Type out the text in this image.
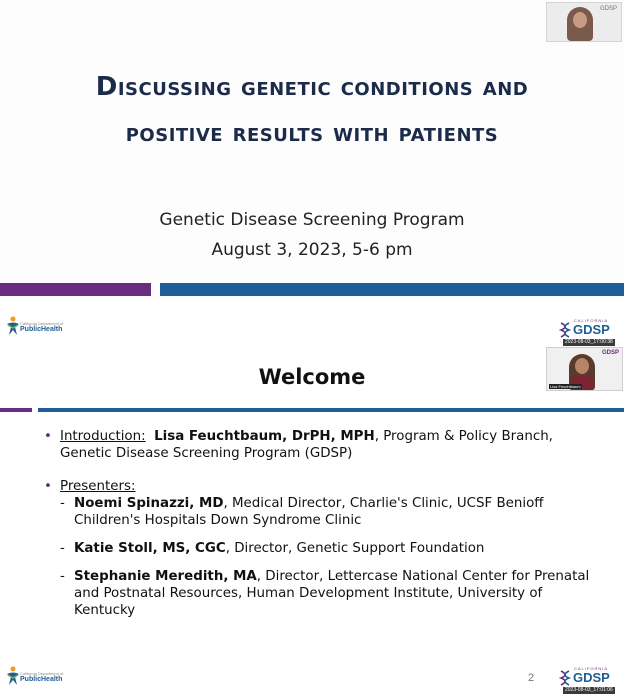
GDSP
Discussing genetic conditions and
positive results with patients
Genetic Disease Screening Program
August 3, 2023, 5-6 pm
California Department of
PublicHealth
CALIFORNIA
GDSP
2023-08-03_17:00:38
GDSP
Lisa Feuchtbaum
Welcome
• Introduction: Lisa Feuchtbaum, DrPH, MPH, Program & Policy Branch,
Genetic Disease Screening Program (GDSP)
• Presenters:
- Noemi Spinazzi, MD, Medical Director, Charlie's Clinic, UCSF Benioff
Children's Hospitals Down Syndrome Clinic
- Katie Stoll, MS, CGC, Director, Genetic Support Foundation
- Stephanie Meredith, MA, Director, Lettercase National Center for Prenatal
and Postnatal Resources, Human Development Institute, University of
Kentucky
California Department of
PublicHealth	2
CALIFORNIA
GDSP
2023-08-03_17:01:06
